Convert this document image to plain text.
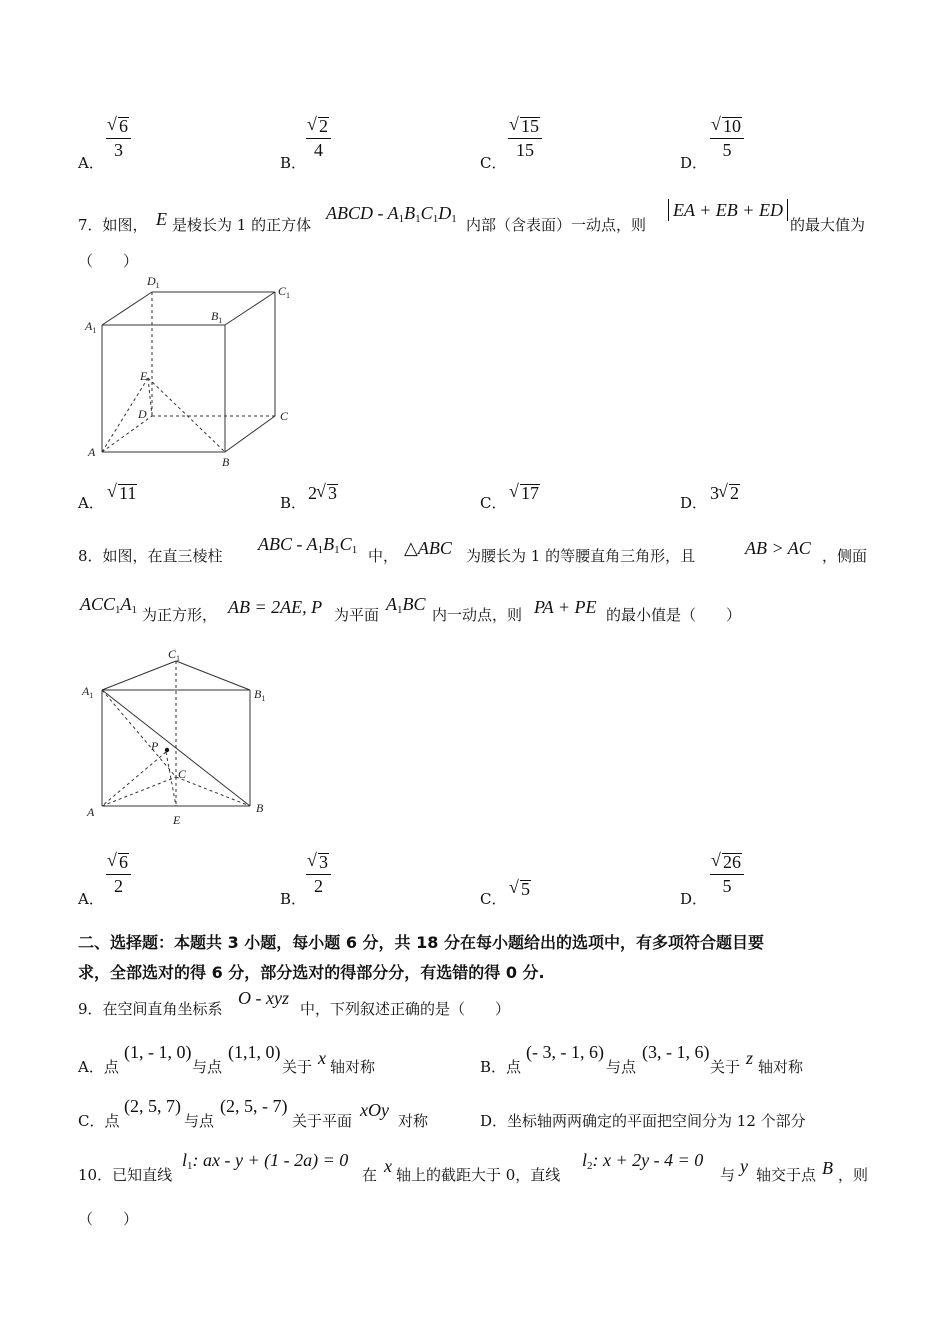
A．
√ 6
3
B．
√ 2
4
C．
√ 15
15
D．
√ 10
5
7．如图， E 是棱长为 1 的正方体
ABCD - $A_1B_1C_1D_1$ 内部（含表面）一动点，则
EA + EB + ED
的最大值为
（　　）
$D_1$	$C_1$
$A_1$
$B_1$
E
D	C
A
B
A． √ 11	B． 2 √ 3	C． √ 17	D． 3 √ 2
8．如图，在直三棱柱
ABC - $A_1B_1C_1$ 中， △ABC 为腰长为 1 的等腰直角三角形，且	AB > AC ，侧面
$ACC_1A_1$ 为正方形， AB = 2AE, P 为平面
$A_1BC$
内一动点，则 PA + PE 的最小值是（　　）
$C_1$
$A_1$	$B_1$
P
C
A	B
E
A．
√ 6
2
B．
√ 3
2
C． √ 5	D．
√ 26
5
二、选择题：本题共 3 小题，每小题 6 分，共 18 分在每小题给出的选项中，有多项符合题目要
求，全部选对的得 6 分，部分选对的得部分分，有选错的得 0 分.
9．在空间直角坐标系
O - xyz
中，下列叙述正确的是（　　）
A．点
(1, - 1, 0)
与点
(1,1, 0)
关于 x 轴对称	B．点
(- 3, - 1, 6)
与点
(3, - 1, 6)
关于 z 轴对称
C．点
(2, 5, 7)
与点
(2, 5, - 7)
关于平面
xOy
对称	D．坐标轴两两确定的平面把空间分为 12 个部分
10．已知直线
$l_1$: ax - y + (1 - 2a) = 0
在 x 轴上的截距大于 0，直线
$l_2$: x + 2y - 4 = 0
与 y 轴交于点 B ，则
（　　）
